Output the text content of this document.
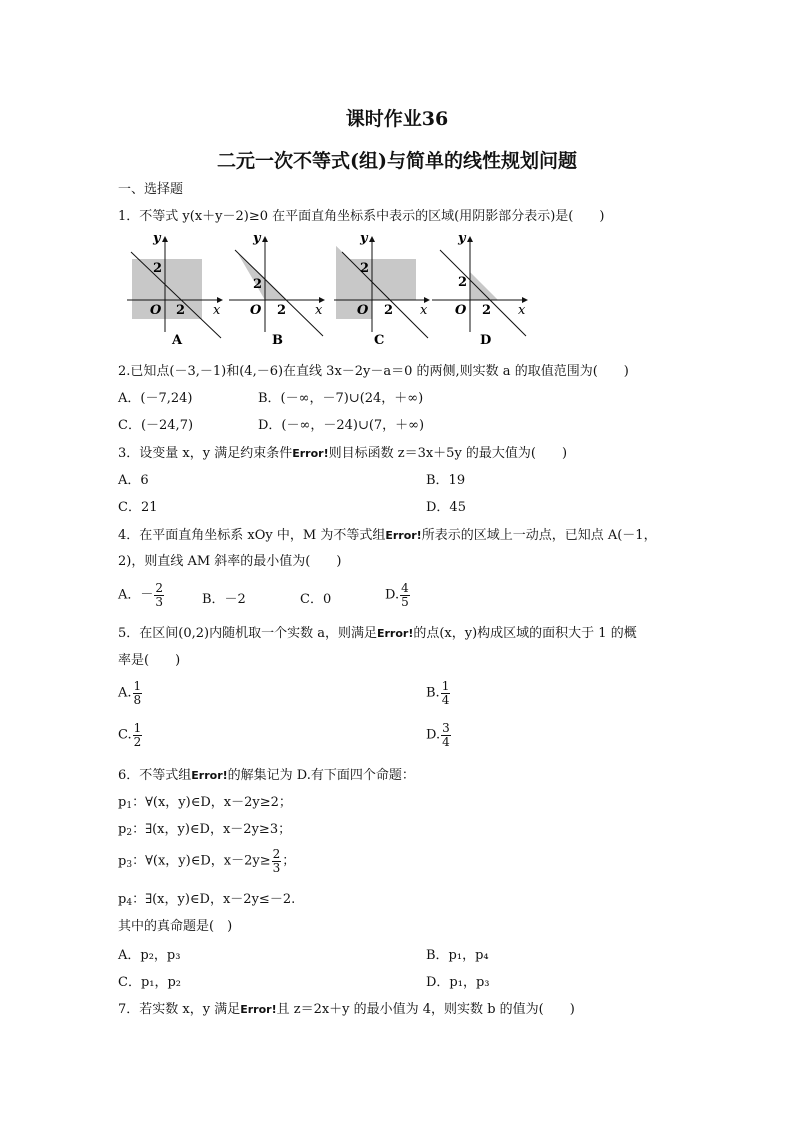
课时作业36
二元一次不等式(组)与简单的线性规划问题
一、选择题
1．不等式 y(x＋y－2)≥0 在平面直角坐标系中表示的区域(用阴影部分表示)是(　　)
y
x
O 2
2
A
y
x
O 2
2
B
y
x
O 2
2
C
y
x
O 2
2
D
2.已知点(－3,－1)和(4,－6)在直线 3x－2y－a＝0 的两侧,则实数 a 的取值范围为(　　)
A．(－7,24)	B．(－∞，－7)∪(24，＋∞)
C．(－24,7)	D．(－∞，－24)∪(7，＋∞)
3．设变量 x，y 满足约束条件Error!则目标函数 z＝3x＋5y 的最大值为(　　)
A．6	B．19
C．21	D．45
4．在平面直角坐标系 xOy 中，M 为不等式组Error!所表示的区域上一动点，已知点 A(－1，
2)，则直线 AM 斜率的最小值为(　　)
A．－ $\frac{2}{3}$	B．－2	C．0	D. $\frac{4}{5}$
5．在区间(0,2)内随机取一个实数 a，则满足Error!的点(x，y)构成区域的面积大于 1 的概
率是(　　)
A. $\frac{1}{8}$	B. $\frac{1}{4}$
C. $\frac{1}{2}$	D. $\frac{3}{4}$
6．不等式组Error!的解集记为 D.有下面四个命题：
$p_1$：∀(x，y)∈D，x－2y≥2；
$p_2$：∃(x，y)∈D，x－2y≥3；
$p_3$：∀(x，y)∈D，$x-2y\ge \frac{2}{3}$ ；
$p_4$：∃(x，y)∈D，x－2y≤－2.
其中的真命题是(　)
A．p₂，p₃	B．p₁，p₄
C．p₁，p₂	D．p₁，p₃
7．若实数 x，y 满足Error!且 z＝2x＋y 的最小值为 4，则实数 b 的值为(　　)
